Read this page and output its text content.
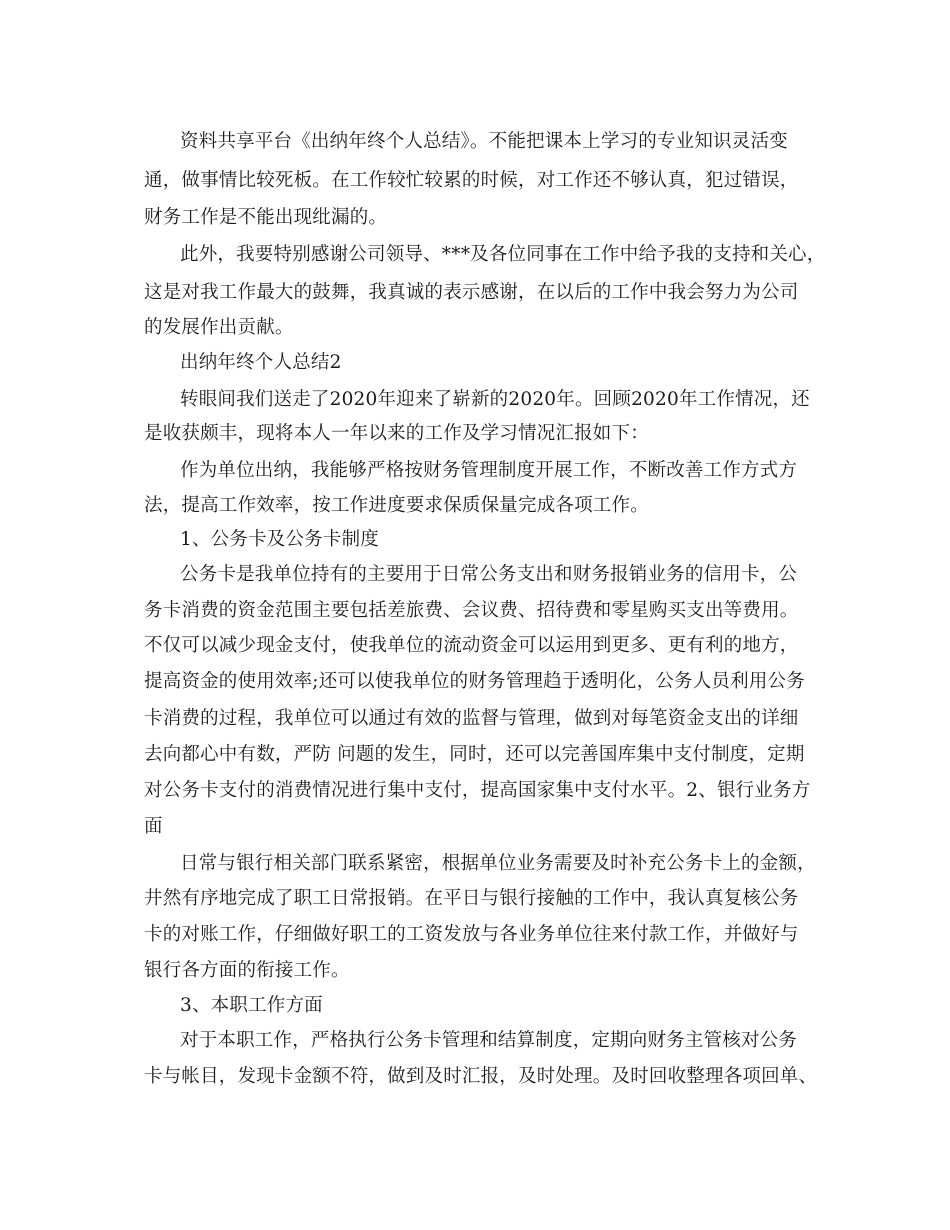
资料共享平台《出纳年终个人总结》。不能把课本上学习的专业知识灵活变
通，做事情比较死板。在工作较忙较累的时候，对工作还不够认真，犯过错误，
财务工作是不能出现纰漏的。
此外，我要特别感谢公司领导、***及各位同事在工作中给予我的支持和关心，
这是对我工作最大的鼓舞，我真诚的表示感谢，在以后的工作中我会努力为公司
的发展作出贡献。
出纳年终个人总结2
转眼间我们送走了2020年迎来了崭新的2020年。回顾2020年工作情况，还
是收获颇丰，现将本人一年以来的工作及学习情况汇报如下：
作为单位出纳，我能够严格按财务管理制度开展工作，不断改善工作方式方
法，提高工作效率，按工作进度要求保质保量完成各项工作。
1、公务卡及公务卡制度
公务卡是我单位持有的主要用于日常公务支出和财务报销业务的信用卡，公
务卡消费的资金范围主要包括差旅费、会议费、招待费和零星购买支出等费用。
不仅可以减少现金支付，使我单位的流动资金可以运用到更多、更有利的地方，
提高资金的使用效率;还可以使我单位的财务管理趋于透明化，公务人员利用公务
卡消费的过程，我单位可以通过有效的监督与管理，做到对每笔资金支出的详细
去向都心中有数，严防 问题的发生，同时，还可以完善国库集中支付制度，定期
对公务卡支付的消费情况进行集中支付，提高国家集中支付水平。2、银行业务方
面
日常与银行相关部门联系紧密，根据单位业务需要及时补充公务卡上的金额，
井然有序地完成了职工日常报销。在平日与银行接触的工作中，我认真复核公务
卡的对账工作，仔细做好职工的工资发放与各业务单位往来付款工作，并做好与
银行各方面的衔接工作。
3、本职工作方面
对于本职工作，严格执行公务卡管理和结算制度，定期向财务主管核对公务
卡与帐目，发现卡金额不符，做到及时汇报，及时处理。及时回收整理各项回单、
